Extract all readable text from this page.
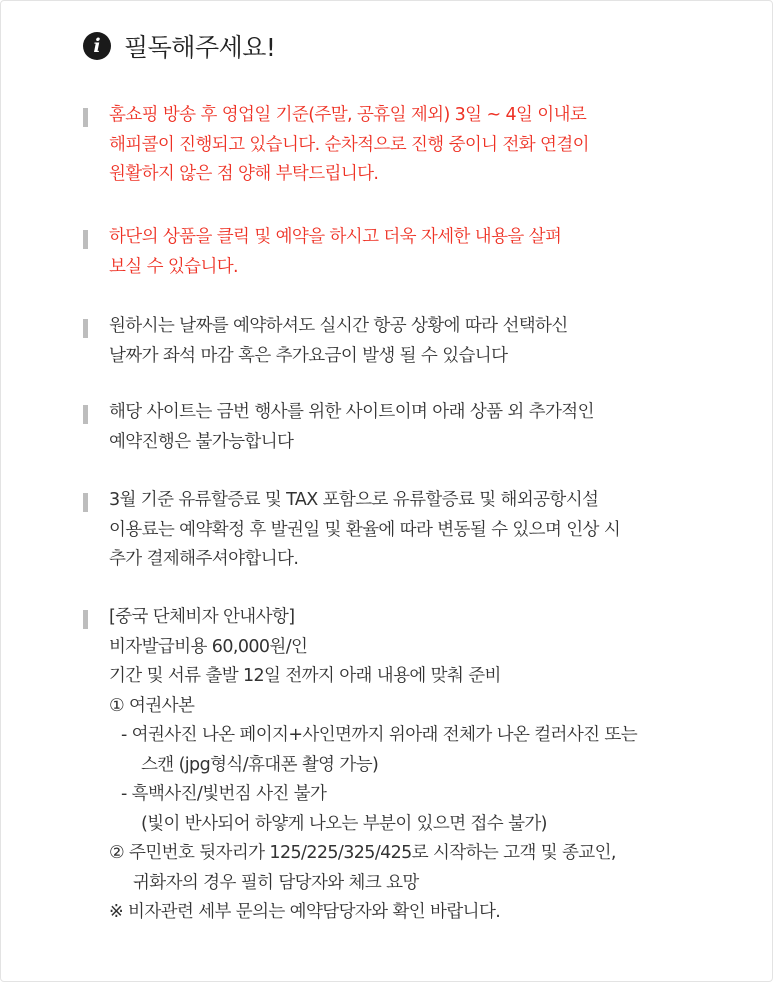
i 필독해주세요!
홈쇼핑 방송 후 영업일 기준(주말, 공휴일 제외) 3일 ~ 4일 이내로
해피콜이 진행되고 있습니다. 순차적으로 진행 중이니 전화 연결이
원활하지 않은 점 양해 부탁드립니다.
하단의 상품을 클릭 및 예약을 하시고 더욱 자세한 내용을 살펴
보실 수 있습니다.
원하시는 날짜를 예약하셔도 실시간 항공 상황에 따라 선택하신
날짜가 좌석 마감 혹은 추가요금이 발생 될 수 있습니다
해당 사이트는 금번 행사를 위한 사이트이며 아래 상품 외 추가적인
예약진행은 불가능합니다
3월 기준 유류할증료 및 TAX 포함으로 유류할증료 및 해외공항시설
이용료는 예약확정 후 발권일 및 환율에 따라 변동될 수 있으며 인상 시
추가 결제해주셔야합니다.
[중국 단체비자 안내사항]
비자발급비용 60,000원/인
기간 및 서류 출발 12일 전까지 아래 내용에 맞춰 준비
① 여권사본
- 여권사진 나온 페이지+사인면까지 위아래 전체가 나온 컬러사진 또는
스캔 (jpg형식/휴대폰 촬영 가능)
- 흑백사진/빛번짐 사진 불가
(빛이 반사되어 하얗게 나오는 부분이 있으면 접수 불가)
② 주민번호 뒷자리가 125/225/325/425로 시작하는 고객 및 종교인,
귀화자의 경우 필히 담당자와 체크 요망
※ 비자관련 세부 문의는 예약담당자와 확인 바랍니다.
